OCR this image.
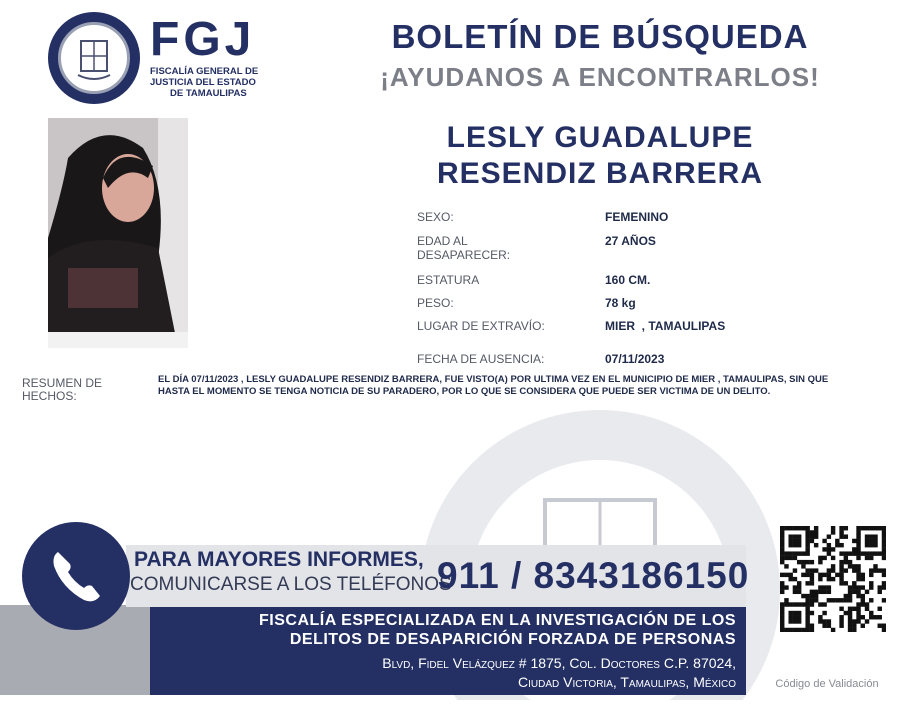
FGJ
FISCALÍA GENERAL DE
JUSTICIA DEL ESTADO
DE TAMAULIPAS
BOLETÍN DE BÚSQUEDA
¡AYUDANOS A ENCONTRARLOS!
LESLY GUADALUPE
RESENDIZ BARRERA
SEXO:	FEMENINO
EDAD AL
DESAPARECER:
27 AÑOS
ESTATURA	160 CM.
PESO:	78 kg
LUGAR DE EXTRAVÍO:	MIER  , TAMAULIPAS
FECHA DE AUSENCIA:	07/11/2023
RESUMEN DE HECHOS:
EL DÍA 07/11/2023 , LESLY GUADALUPE RESENDIZ BARRERA, FUE VISTO(A) POR ULTIMA VEZ EN EL MUNICIPIO DE MIER , TAMAULIPAS, SIN QUE HASTA EL MOMENTO SE TENGA NOTICIA DE SU PARADERO, POR LO QUE SE CONSIDERA QUE PUEDE SER VICTIMA DE UN DELITO.
PARA MAYORES INFORMES,
COMUNICARSE A LOS TELÉFONOS
911 / 8343186150
FISCALÍA ESPECIALIZADA EN LA INVESTIGACIÓN DE LOS
DELITOS DE DESAPARICIÓN FORZADA DE PERSONAS
Blvd, Fidel Velázquez # 1875, Col. Doctores C.P. 87024,
Ciudad Victoria, Tamaulipas, México	Código de Validación
